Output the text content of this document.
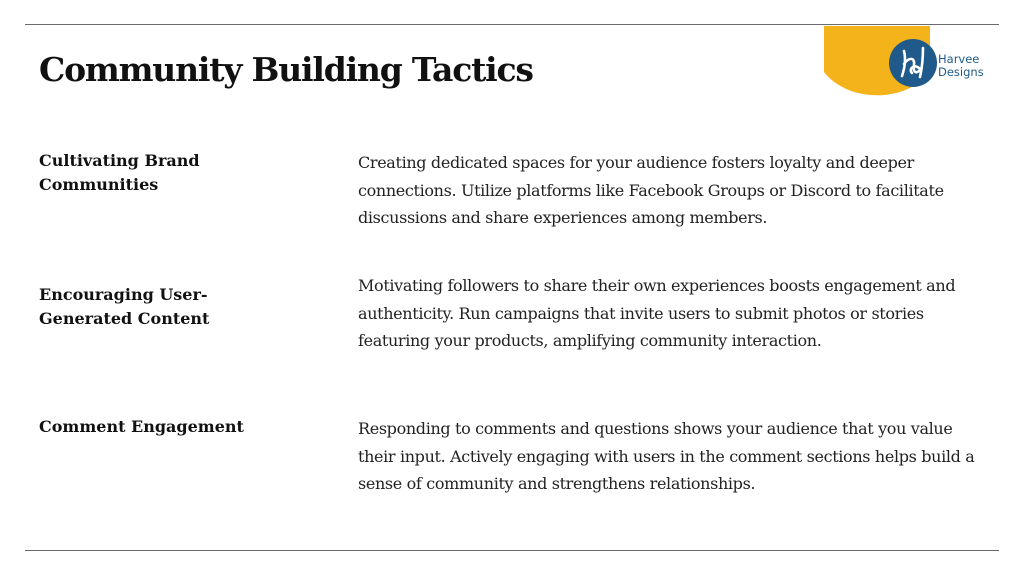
Community Building Tactics	Harvee
Designs
Cultivating Brand Communities

Creating dedicated spaces for your audience fosters loyalty and deeper connections. Utilize platforms like Facebook Groups or Discord to facilitate discussions and share experiences among members.

Encouraging User-Generated Content

Motivating followers to share their own experiences boosts engagement and authenticity. Run campaigns that invite users to submit photos or stories featuring your products, amplifying community interaction.

Comment Engagement	Responding to comments and questions shows your audience that you value their input. Actively engaging with users in the comment sections helps build a sense of community and strengthens relationships.
